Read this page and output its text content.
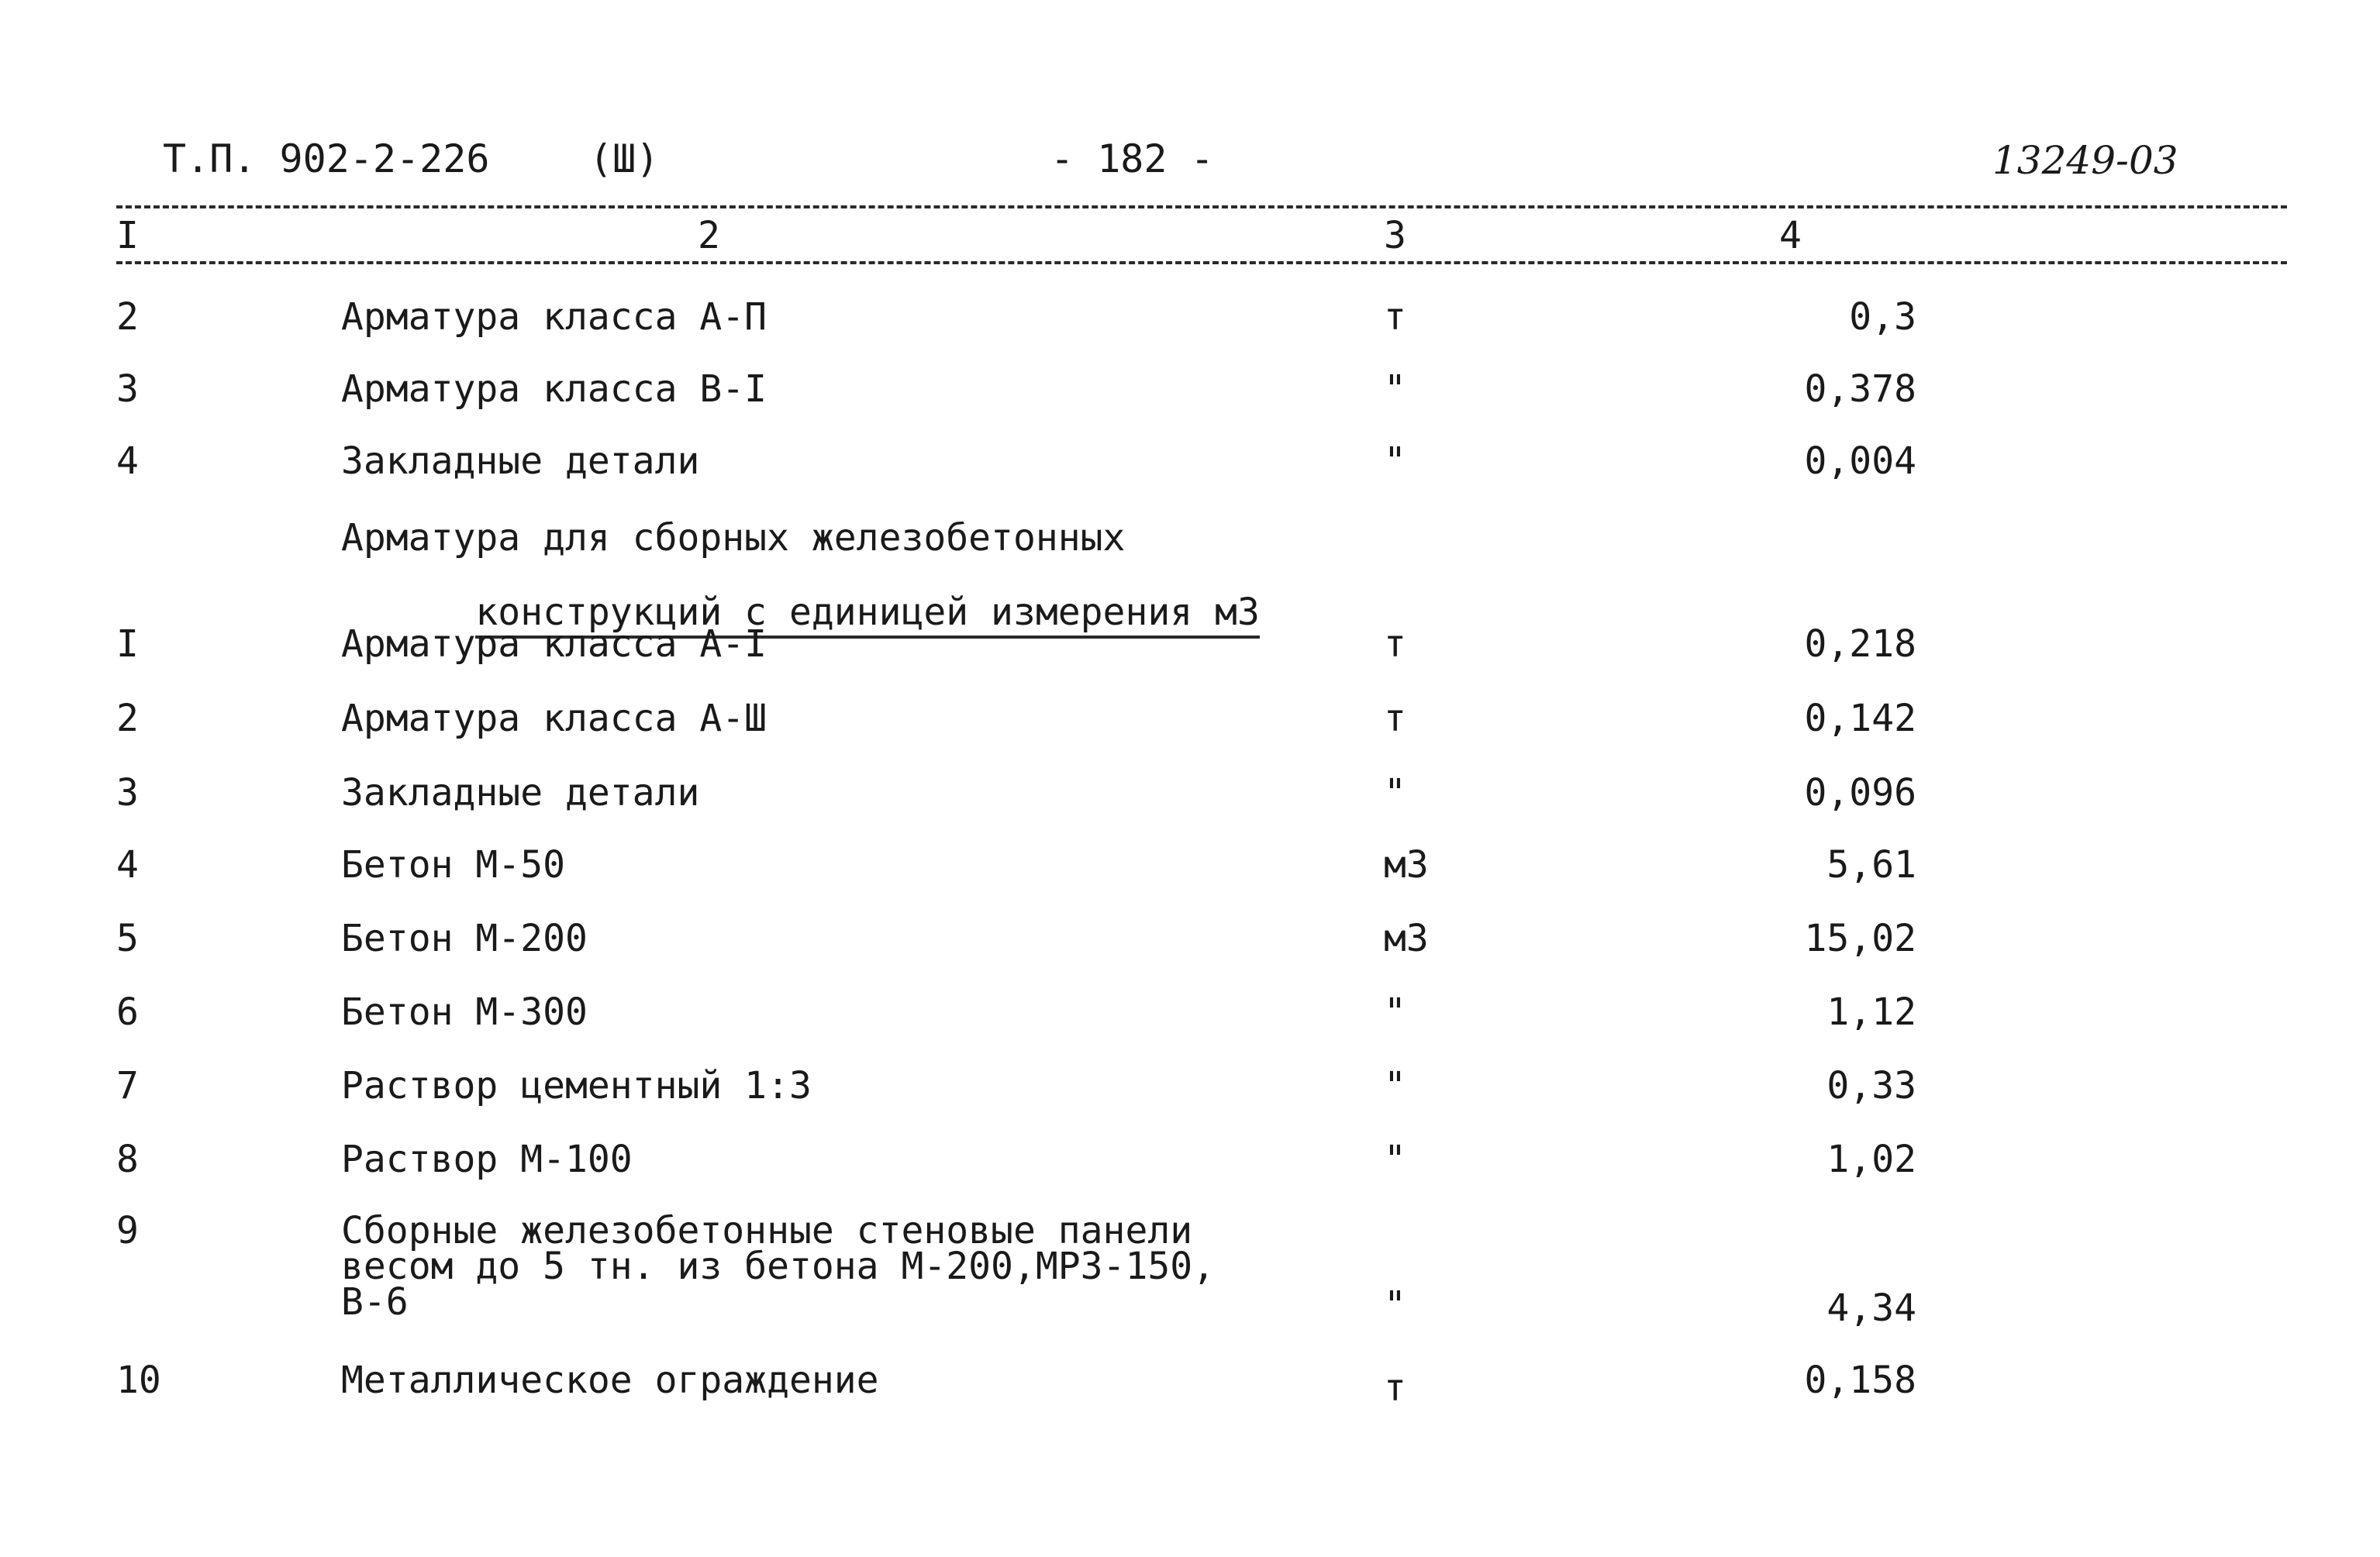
Т.П. 902-2-226	(Ш)	- 182 -	13249-03
I	2	3	4
2	Арматура класса А-П	т	0,3
3	Арматура класса В-I	"	0,378
4	Закладные детали	"	0,004
Арматура для сборных железобетонных

конструкций с единицей измерения м3

I	Арматура класса А-I	т	0,218
2	Арматура класса А-Ш	т	0,142
3	Закладные детали	"	0,096
4	Бетон М-50	м3	5,61
5	Бетон М-200	м3	15,02
6	Бетон М-300	"	1,12
7	Раствор цементный 1:3	"	0,33
8	Раствор М-100	"	1,02
9	Сборные железобетонные стеновые панели
весом до 5 тн. из бетона М-200,МРЗ-150,
В-6	"	4,34
10	Металлическое ограждение	т	0,158
